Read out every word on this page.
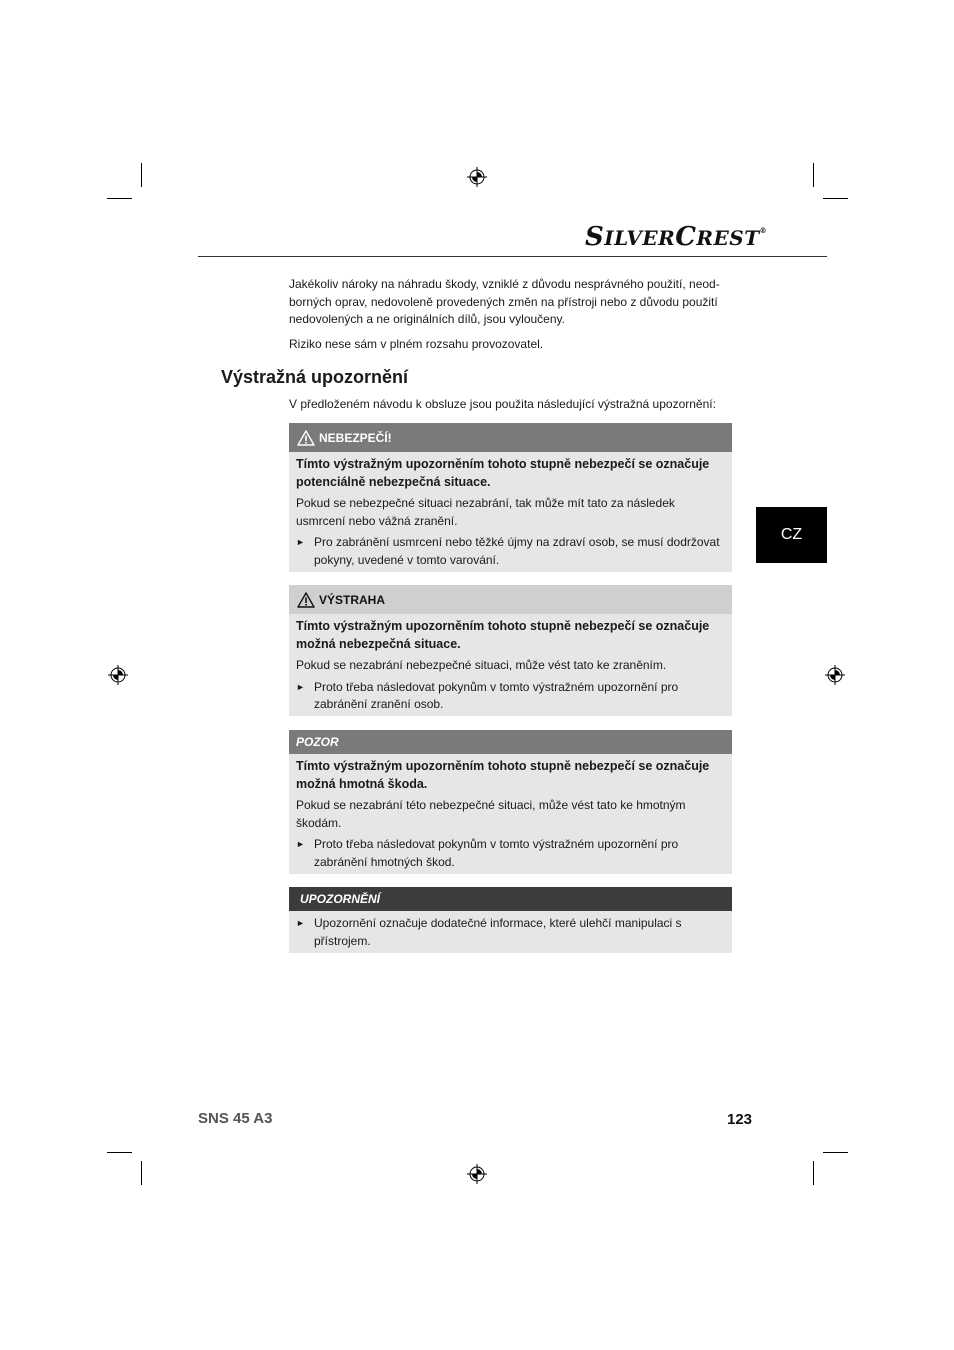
SILVERCREST®
CZ

Jakékoliv nároky na náhradu škody, vzniklé z důvodu nesprávného použití, neod-borných oprav, nedovoleně provedených změn na přístroji nebo z důvodu použití nedovolených a ne originálních dílů, jsou vyloučeny.

Riziko nese sám v plném rozsahu provozovatel.

Výstražná upozornění

V předloženém návodu k obsluze jsou použita následující výstražná upozornění:

NEBEZPEČÍ!

Tímto výstražným upozorněním tohoto stupně nebezpečí se označuje potenciálně nebezpečná situace.

Pokud se nebezpečné situaci nezabrání, tak může mít tato za následek usmrcení nebo vážná zranění.

► Pro zabránění usmrcení nebo těžké újmy na zdraví osob, se musí dodržovat pokyny, uvedené v tomto varování.
VÝSTRAHA

Tímto výstražným upozorněním tohoto stupně nebezpečí se označuje možná nebezpečná situace.

Pokud se nezabrání nebezpečné situaci, může vést tato ke zraněním.

► Proto třeba následovat pokynům v tomto výstražném upozornění pro zabránění zranění osob.
POZOR

Tímto výstražným upozorněním tohoto stupně nebezpečí se označuje možná hmotná škoda.

Pokud se nezabrání této nebezpečné situaci, může vést tato ke hmotným škodám.

► Proto třeba následovat pokynům v tomto výstražném upozornění pro zabránění hmotných škod.
UPOZORNĚNÍ
► Upozornění označuje dodatečné informace, které ulehčí manipulaci s přístrojem.
SNS 45 A3	123
